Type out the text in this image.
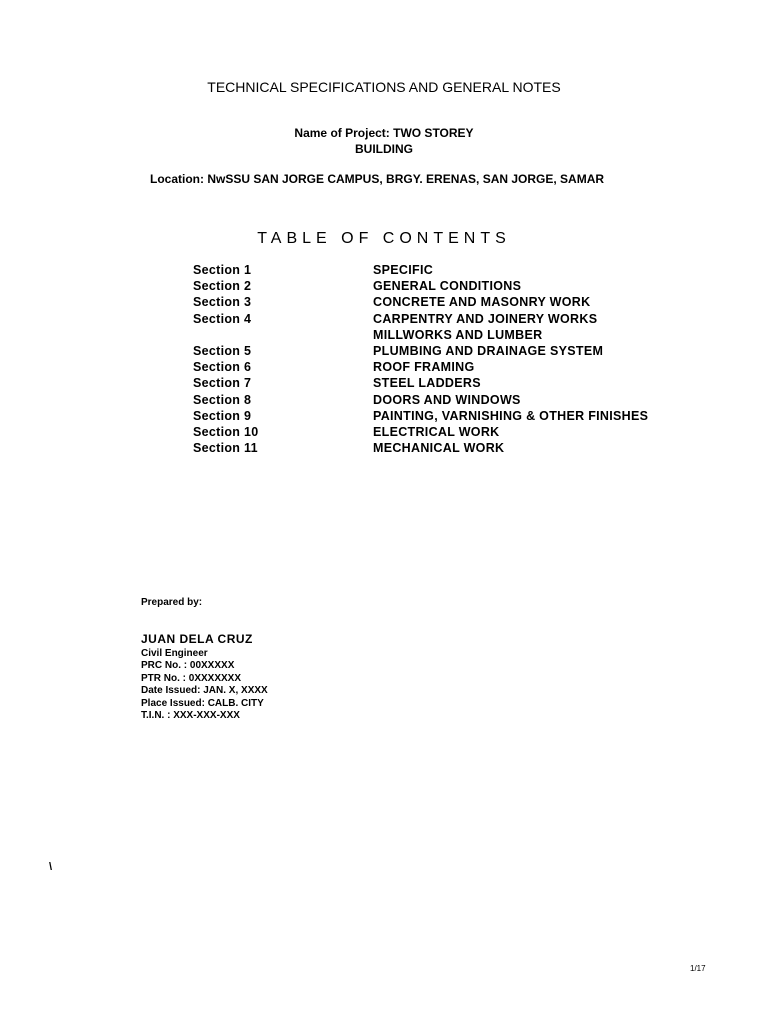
TECHNICAL SPECIFICATIONS AND GENERAL NOTES
Name of Project: TWO STOREY
BUILDING
Location: NwSSU SAN JORGE CAMPUS, BRGY. ERENAS, SAN JORGE, SAMAR
TABLE OF CONTENTS
Section 1	SPECIFIC
Section 2	GENERAL CONDITIONS
Section 3	CONCRETE AND MASONRY WORK
Section 4	CARPENTRY AND JOINERY WORKS
MILLWORKS AND LUMBER
Section 5	PLUMBING AND DRAINAGE SYSTEM
Section 6	ROOF FRAMING
Section 7	STEEL LADDERS
Section 8	DOORS AND WINDOWS
Section 9	PAINTING, VARNISHING & OTHER FINISHES
Section 10	ELECTRICAL WORK
Section 11	MECHANICAL WORK
Prepared by:
JUAN DELA CRUZ
Civil Engineer
PRC No. : 00XXXXX
PTR No. : 0XXXXXXX
Date Issued: JAN. X, XXXX
Place Issued: CALB. CITY
T.I.N. : XXX-XXX-XXX
\
1/17
